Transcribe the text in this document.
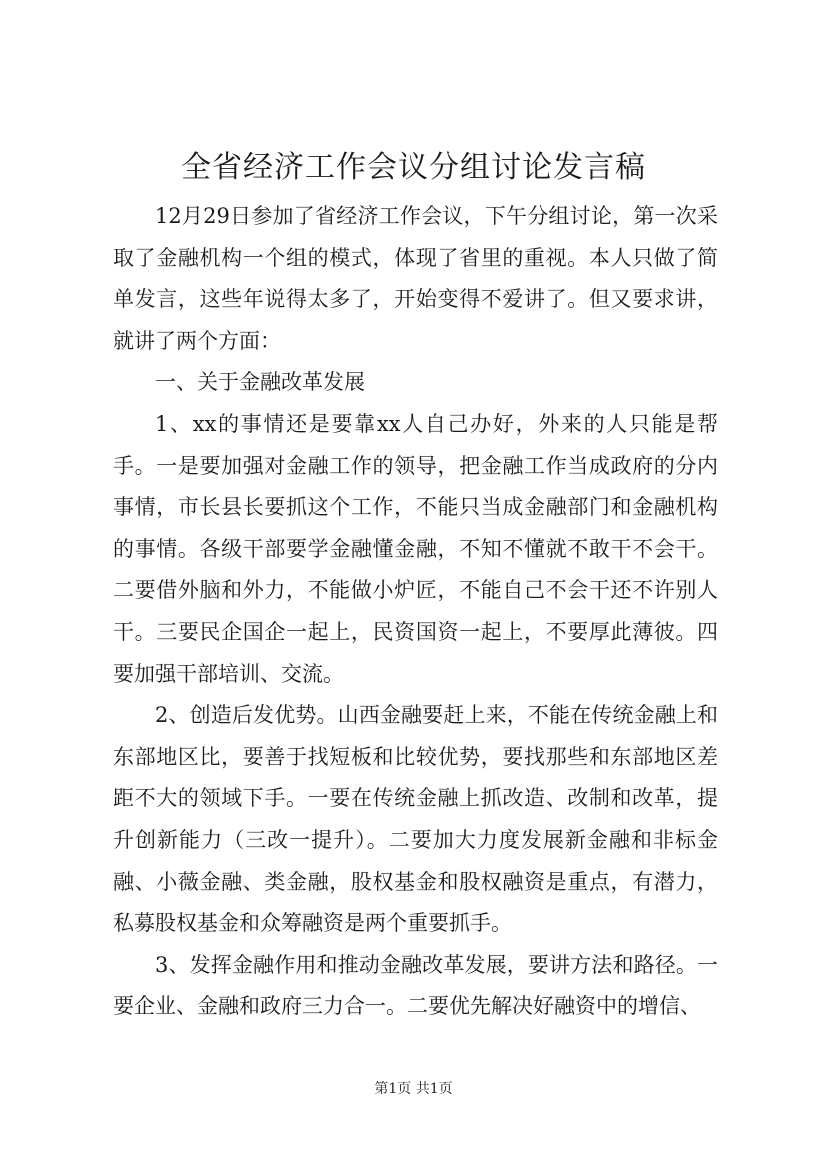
全省经济工作会议分组讨论发言稿

12月29日参加了省经济工作会议，下午分组讨论，第一次采取了金融机构一个组的模式，体现了省里的重视。本人只做了简单发言，这些年说得太多了，开始变得不爱讲了。但又要求讲，就讲了两个方面：

一、关于金融改革发展

1、xx的事情还是要靠xx人自己办好，外来的人只能是帮手。一是要加强对金融工作的领导，把金融工作当成政府的分内事情，市长县长要抓这个工作，不能只当成金融部门和金融机构的事情。各级干部要学金融懂金融，不知不懂就不敢干不会干。二要借外脑和外力，不能做小炉匠，不能自己不会干还不许别人干。三要民企国企一起上，民资国资一起上，不要厚此薄彼。四要加强干部培训、交流。

2、创造后发优势。山西金融要赶上来，不能在传统金融上和东部地区比，要善于找短板和比较优势，要找那些和东部地区差距不大的领域下手。一要在传统金融上抓改造、改制和改革，提升创新能力（三改一提升）。二要加大力度发展新金融和非标金融、小薇金融、类金融，股权基金和股权融资是重点，有潜力，私募股权基金和众筹融资是两个重要抓手。

3、发挥金融作用和推动金融改革发展，要讲方法和路径。一要企业、金融和政府三力合一。二要优先解决好融资中的增信、

第1页 共1页
